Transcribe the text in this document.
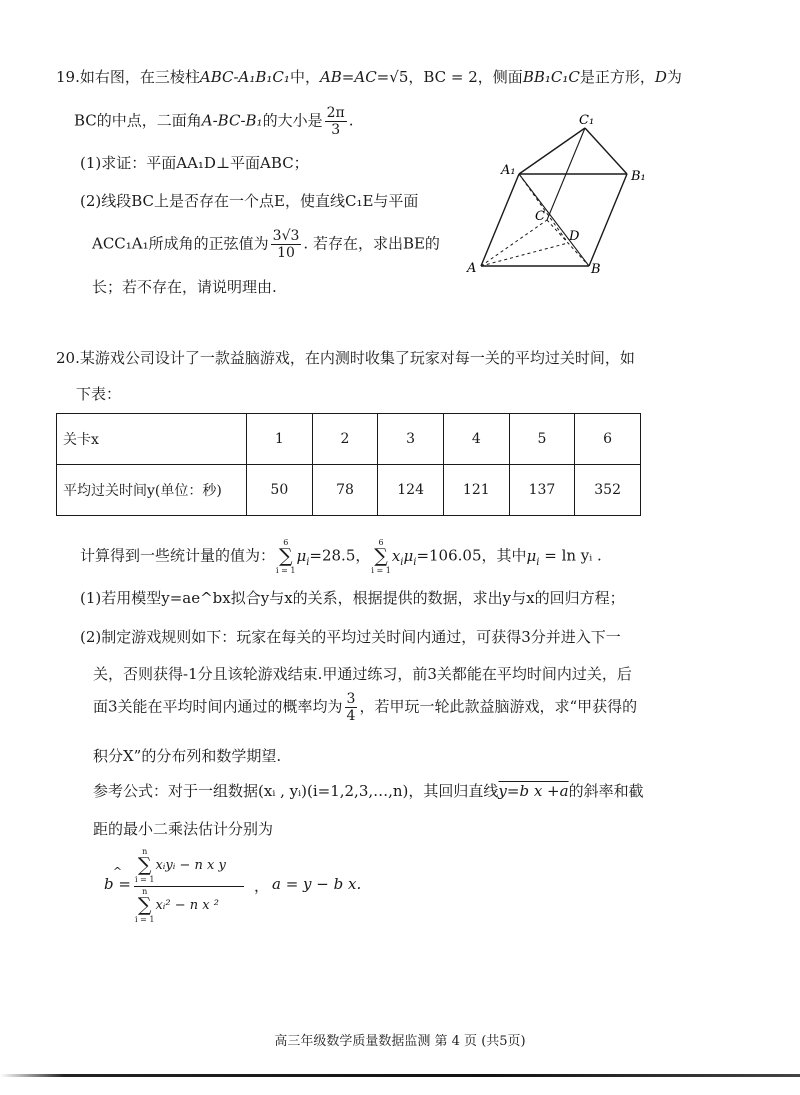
19.如右图，在三棱柱ABC-A₁B₁C₁中，AB=AC=√5，BC = 2，侧面BB₁C₁C是正方形，D为
BC的中点，二面角A-BC-B₁的大小是 $\frac{2\pi}{3}$ .
(1)求证：平面AA₁D⊥平面ABC；
(2)线段BC上是否存在一个点E，使直线C₁E与平面
ACC₁A₁所成角的正弦值为 $\frac{3√3}{10}$ . 若存在，求出BE的
长；若不存在，请说明理由.
C₁
A₁	B₁
C
D
A	B
20.某游戏公司设计了一款益脑游戏，在内测时收集了玩家对每一关的平均过关时间，如
下表：
关卡x	1	2	3	4	5	6
平均过关时间y(单位：秒)	50	78	124	121	137	352
计算得到一些统计量的值为：
6
∑
i = 1
$\mu_i=28.5$，
6
∑
i = 1
$x_i\mu_i=106.05$，其中$\mu_i = \ln$ yᵢ .
(1)若用模型y=ae^bx拟合y与x的关系，根据提供的数据，求出y与x的回归方程；
(2)制定游戏规则如下：玩家在每关的平均过关时间内通过，可获得3分并进入下一
关，否则获得-1分且该轮游戏结束.甲通过练习，前3关都能在平均时间内过关，后
面3关能在平均时间内通过的概率均为 $\frac{3}{4}$ ，若甲玩一轮此款益脑游戏，求“甲获得的
积分X”的分布列和数学期望.
参考公式：对于一组数据(xᵢ , yᵢ)(i=1,2,3,…,n)，其回归直线y=b x +a的斜率和截
距的最小二乘法估计分别为
^ b =
n
∑
i = 1
xᵢyᵢ − n x y
n
∑
i = 1
xᵢ² − n x ²
， a = y − b x.
高三年级数学质量数据监测 第 4 页 (共5页)
